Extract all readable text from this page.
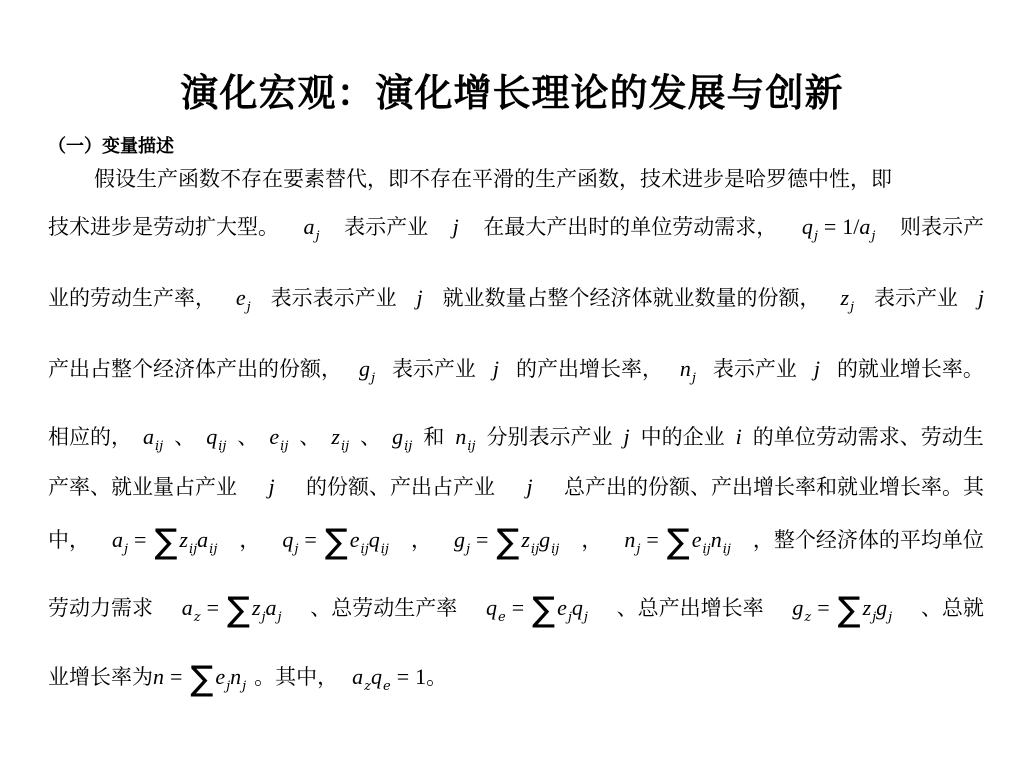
演化宏观：演化增长理论的发展与创新
（一）变量描述
假设生产函数不存在要素替代，即不存在平滑的生产函数，技术进步是哈罗德中性，即
技术进步是劳动扩大型。 $a_j$ 表示产业 j 在最大产出时的单位劳动需求， $q_j = 1/a_j$ 则表示产
业的劳动生产率， $e_j$ 表示表示产业 j 就业数量占整个经济体就业数量的份额， $z_j$ 表示产业 j
产出占整个经济体产出的份额， $g_j$ 表示产业 j 的产出增长率， $n_j$ 表示产业 j 的就业增长率。
相应的， $a_{ij}$ 、 $q_{ij}$ 、 $e_{ij}$ 、 $z_{ij}$ 、 $g_{ij}$ 和 $n_{ij}$ 分别表示产业 j 中的企业 i 的单位劳动需求、劳动生
产率、就业量占产业 j 的份额、产出占产业 j 总产出的份额、产出增长率和就业增长率。其
中， $a_j = \sum z_{ij}a_{ij}$ ， $q_j = \sum e_{ij}q_{ij}$ ， $g_j = \sum z_{ij}g_{ij}$ ， $n_j = \sum e_{ij}n_{ij}$ ，整个经济体的平均单位
劳动力需求 $a_z = \sum z_ja_j$ 、总劳动生产率 $q_e = \sum e_jq_j$ 、总产出增长率 $g_z = \sum z_jg_j$ 、总就
业增长率为 $n = \sum e_jn_j$ 。其中， $a_zq_e = 1$ 。
